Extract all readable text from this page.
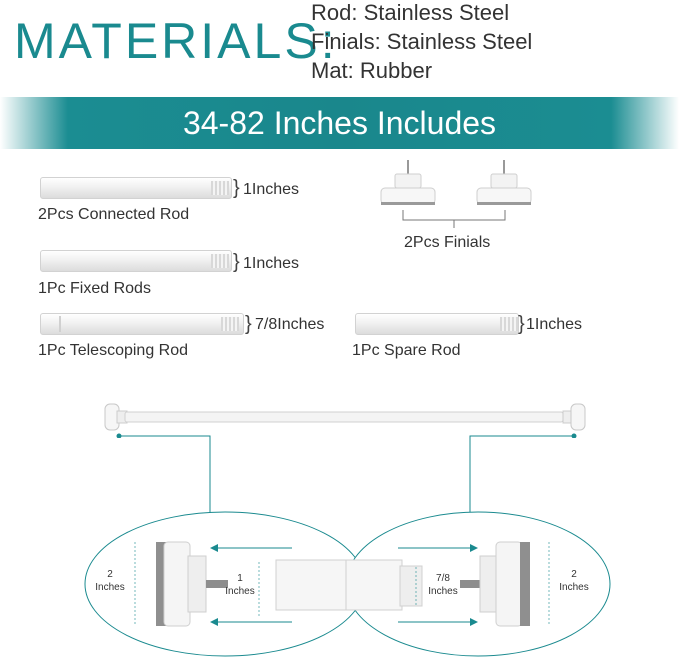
MATERIALS:
Rod: Stainless Steel
Finials: Stainless Steel
Mat: Rubber
34-82 Inches Includes
} 1Inches
2Pcs Connected Rod
} 1Inches
1Pc Fixed Rods
} 7/8Inches
1Pc Telescoping Rod
} 1Inches
1Pc Spare Rod
2Pcs Finials
2
Inches
1
Inches
7/8
Inches
2
Inches
